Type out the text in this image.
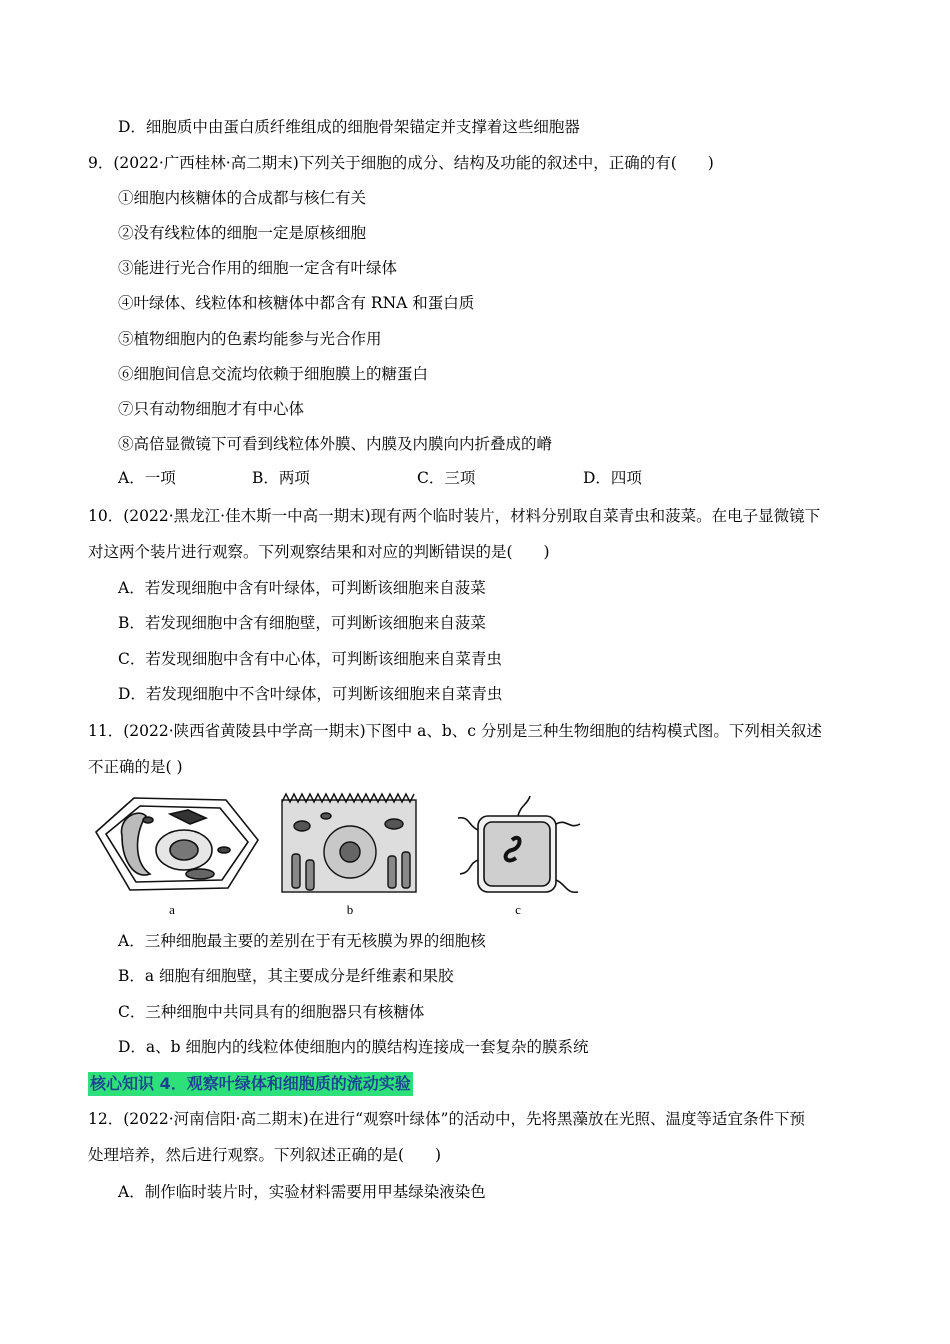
D．细胞质中由蛋白质纤维组成的细胞骨架锚定并支撑着这些细胞器
9．(2022·广西桂林·高二期末)下列关于细胞的成分、结构及功能的叙述中，正确的有(　　)
①细胞内核糖体的合成都与核仁有关
②没有线粒体的细胞一定是原核细胞
③能进行光合作用的细胞一定含有叶绿体
④叶绿体、线粒体和核糖体中都含有 RNA 和蛋白质
⑤植物细胞内的色素均能参与光合作用
⑥细胞间信息交流均依赖于细胞膜上的糖蛋白
⑦只有动物细胞才有中心体
⑧高倍显微镜下可看到线粒体外膜、内膜及内膜向内折叠成的嵴
A．一项	B．两项	C．三项	D．四项
10．(2022·黑龙江·佳木斯一中高一期末)现有两个临时装片，材料分别取自菜青虫和菠菜。在电子显微镜下
对这两个装片进行观察。下列观察结果和对应的判断错误的是(　　)
A．若发现细胞中含有叶绿体，可判断该细胞来自菠菜
B．若发现细胞中含有细胞壁，可判断该细胞来自菠菜
C．若发现细胞中含有中心体，可判断该细胞来自菜青虫
D．若发现细胞中不含叶绿体，可判断该细胞来自菜青虫
11．(2022·陕西省黄陵县中学高一期末)下图中 a、b、c 分别是三种生物细胞的结构模式图。下列相关叙述
不正确的是( )
a	b	c
A．三种细胞最主要的差别在于有无核膜为界的细胞核
B．a 细胞有细胞壁，其主要成分是纤维素和果胶
C．三种细胞中共同具有的细胞器只有核糖体
D．a、b 细胞内的线粒体使细胞内的膜结构连接成一套复杂的膜系统
核心知识 4．观察叶绿体和细胞质的流动实验
12．(2022·河南信阳·高二期末)在进行“观察叶绿体”的活动中，先将黑藻放在光照、温度等适宜条件下预
处理培养，然后进行观察。下列叙述正确的是(　　)
A．制作临时装片时，实验材料需要用甲基绿染液染色
